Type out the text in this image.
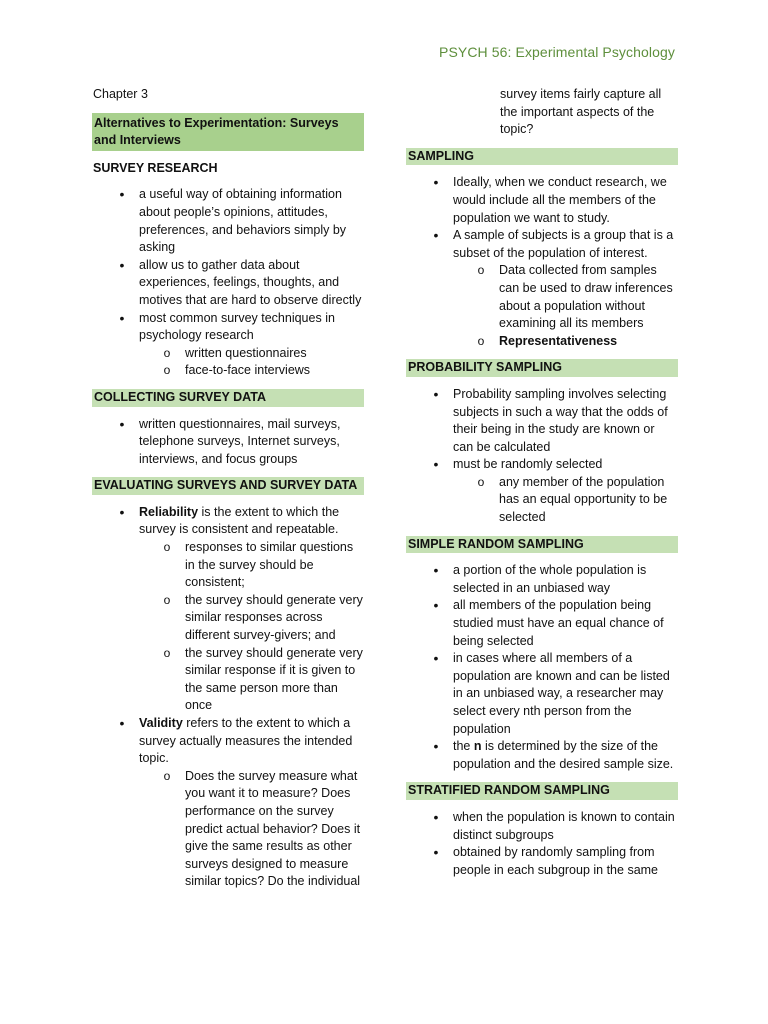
PSYCH 56: Experimental Psychology
Chapter 3
Alternatives to Experimentation: Surveys and Interviews
SURVEY RESEARCH
•
a useful way of obtaining information about people’s opinions, attitudes, preferences, and behaviors simply by asking
•
allow us to gather data about experiences, feelings, thoughts, and motives that are hard to observe directly
•
most common survey techniques in psychology research
o
written questionnaires
o
face-to-face interviews
COLLECTING SURVEY DATA
•
written questionnaires, mail surveys, telephone surveys, Internet surveys, interviews, and focus groups
EVALUATING SURVEYS AND SURVEY DATA
•
Reliability is the extent to which the survey is consistent and repeatable.
o
responses to similar questions in the survey should be consistent;
o
the survey should generate very similar responses across different survey-givers; and
o
the survey should generate very similar response if it is given to the same person more than once
•
Validity refers to the extent to which a survey actually measures the intended topic.
o
Does the survey measure what you want it to measure? Does performance on the survey predict actual behavior? Does it give the same results as other surveys designed to measure similar topics? Do the individual
survey items fairly capture all the important aspects of the topic?
SAMPLING
•
Ideally, when we conduct research, we would include all the members of the population we want to study.
•
A sample of subjects is a group that is a subset of the population of interest.
o
Data collected from samples can be used to draw inferences about a population without examining all its members
o
Representativeness
PROBABILITY SAMPLING
•
Probability sampling involves selecting subjects in such a way that the odds of their being in the study are known or can be calculated
•
must be randomly selected
o
any member of the population has an equal opportunity to be selected
SIMPLE RANDOM SAMPLING
•
a portion of the whole population is selected in an unbiased way
•
all members of the population being studied must have an equal chance of being selected
•
in cases where all members of a population are known and can be listed in an unbiased way, a researcher may select every nth person from the population
•
the n is determined by the size of the population and the desired sample size.
STRATIFIED RANDOM SAMPLING
•
when the population is known to contain distinct subgroups
•
obtained by randomly sampling from people in each subgroup in the same
